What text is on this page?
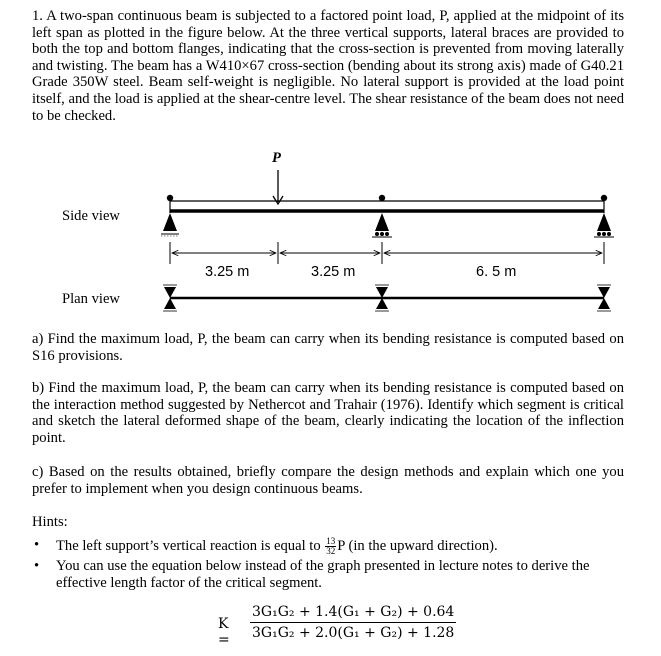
1. A two-span continuous beam is subjected to a factored point load, P, applied at the midpoint of its left span as plotted in the figure below. At the three vertical supports, lateral braces are provided to both the top and bottom flanges, indicating that the cross-section is prevented from moving laterally and twisting. The beam has a W410×67 cross-section (bending about its strong axis) made of G40.21 Grade 350W steel. Beam self-weight is negligible. No lateral support is provided at the load point itself, and the load is applied at the shear-centre level. The shear resistance of the beam does not need to be checked.

P
Side view
Plan view
3.25 m	3.25 m	6. 5 m

a) Find the maximum load, P, the beam can carry when its bending resistance is computed based on S16 provisions.

b) Find the maximum load, P, the beam can carry when its bending resistance is computed based on the interaction method suggested by Nethercot and Trahair (1976). Identify which segment is critical and sketch the lateral deformed shape of the beam, clearly indicating the location of the inflection point.

c) Based on the results obtained, briefly compare the design methods and explain which one you prefer to implement when you design continuous beams.

Hints:
• The left support’s vertical reaction is equal to $\frac{13}{32}$ P (in the upward direction).
• You can use the equation below instead of the graph presented in lecture notes to derive the effective length factor of the critical segment.
$K = \frac{\text{3G₁G₂ + 1.4(G₁ + G₂) + 0.64}}{\text{3G₁G₂ + 2.0(G₁ + G₂) + 1.28}}$
